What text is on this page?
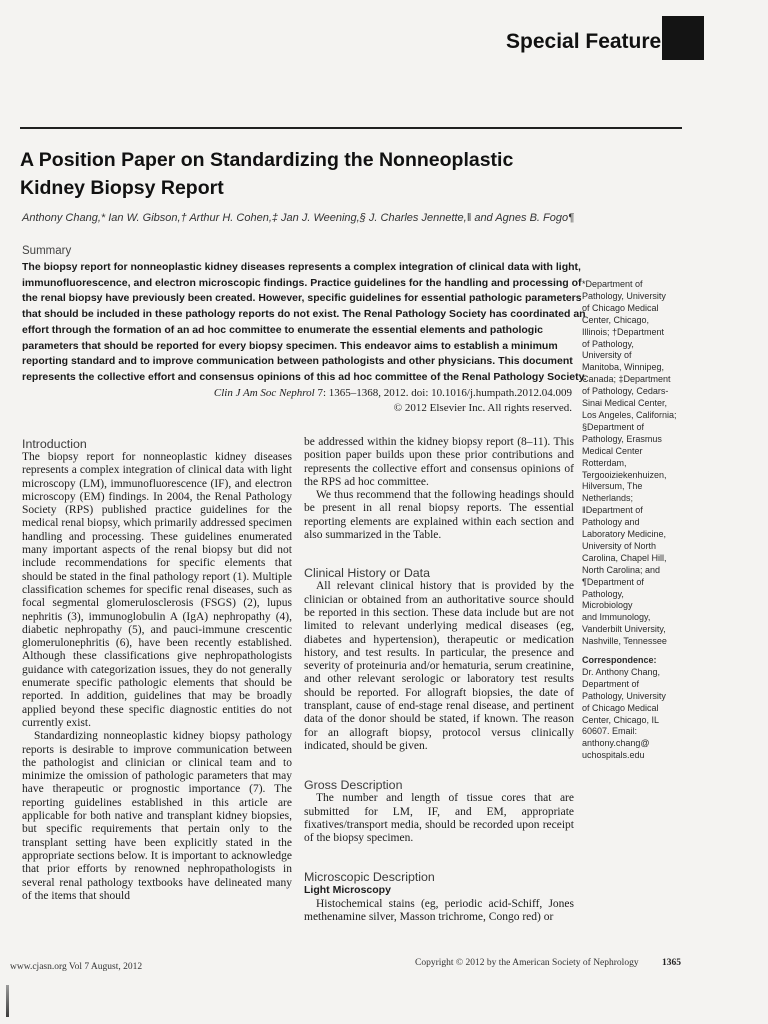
Special Feature
A Position Paper on Standardizing the Nonneoplastic
Kidney Biopsy Report
Anthony Chang,* Ian W. Gibson,† Arthur H. Cohen,‡ Jan J. Weening,§ J. Charles Jennette,‖ and Agnes B. Fogo¶
Summary
The biopsy report for nonneoplastic kidney diseases represents a complex integration of clinical data with light,
immunofluorescence, and electron microscopic findings. Practice guidelines for the handling and processing of
the renal biopsy have previously been created. However, specific guidelines for essential pathologic parameters
that should be included in these pathology reports do not exist. The Renal Pathology Society has coordinated an
effort through the formation of an ad hoc committee to enumerate the essential elements and pathologic
parameters that should be reported for every biopsy specimen. This endeavor aims to establish a minimum
reporting standard and to improve communication between pathologists and other physicians. This document
represents the collective effort and consensus opinions of this ad hoc committee of the Renal Pathology Society.
Clin J Am Soc Nephrol 7: 1365–1368, 2012. doi: 10.1016/j.humpath.2012.04.009
© 2012 Elsevier Inc. All rights reserved.
*Department of
Pathology, University
of Chicago Medical
Center, Chicago,
Illinois; †Department
of Pathology,
University of
Manitoba, Winnipeg,
Canada; ‡Department
of Pathology, Cedars-
Sinai Medical Center,
Los Angeles, California;
§Department of
Pathology, Erasmus
Medical Center
Rotterdam,
Tergooiziekenhuizen,
Hilversum, The
Netherlands;
‖Department of
Pathology and
Laboratory Medicine,
University of North
Carolina, Chapel Hill,
North Carolina; and
¶Department of
Pathology,
Microbiology
and Immunology,
Vanderbilt University,
Nashville, Tennessee
Correspondence:
Dr. Anthony Chang,
Department of
Pathology, University
of Chicago Medical
Center, Chicago, IL
60607. Email:
anthony.chang@
uchospitals.edu
Introduction

The biopsy report for nonneoplastic kidney diseases represents a complex integration of clinical data with light microscopy (LM), immunofluorescence (IF), and electron microscopy (EM) findings. In 2004, the Renal Pathology Society (RPS) published practice guidelines for the medical renal biopsy, which primarily addressed specimen handling and processing. These guidelines enumerated many important aspects of the renal biopsy but did not include recommendations for specific elements that should be stated in the final pathology report (1). Multiple classification schemes for specific renal diseases, such as focal segmental glomerulosclerosis (FSGS) (2), lupus nephritis (3), immunoglobulin A (IgA) nephropathy (4), diabetic nephropathy (5), and pauci-immune crescentic glomerulonephritis (6), have been recently established. Although these classifications give nephropathologists guidance with categorization issues, they do not generally enumerate specific pathologic elements that should be reported. In addition, guidelines that may be broadly applied beyond these specific diagnostic entities do not currently exist.

Standardizing nonneoplastic kidney biopsy pathology reports is desirable to improve communication between the pathologist and clinician or clinical team and to minimize the omission of pathologic parameters that may have therapeutic or prognostic importance (7). The reporting guidelines established in this article are applicable for both native and transplant kidney biopsies, but specific requirements that pertain only to the transplant setting have been explicitly stated in the appropriate sections below. It is important to acknowledge that prior efforts by renowned nephropathologists in several renal pathology textbooks have delineated many of the items that should

be addressed within the kidney biopsy report (8–11). This position paper builds upon these prior contributions and represents the collective effort and consensus opinions of the RPS ad hoc committee.

We thus recommend that the following headings should be present in all renal biopsy reports. The essential reporting elements are explained within each section and also summarized in the Table.

Clinical History or Data

All relevant clinical history that is provided by the clinician or obtained from an authoritative source should be reported in this section. These data include but are not limited to relevant underlying medical diseases (eg, diabetes and hypertension), therapeutic or medication history, and test results. In particular, the presence and severity of proteinuria and/or hematuria, serum creatinine, and other relevant serologic or laboratory test results should be reported. For allograft biopsies, the date of transplant, cause of end-stage renal disease, and pertinent data of the donor should be stated, if known. The reason for an allograft biopsy, protocol versus clinically indicated, should be given.

Gross Description

The number and length of tissue cores that are submitted for LM, IF, and EM, appropriate fixatives/transport media, should be recorded upon receipt of the biopsy specimen.

Microscopic Description
Light Microscopy

Histochemical stains (eg, periodic acid-Schiff, Jones methenamine silver, Masson trichrome, Congo red) or

www.cjasn.org Vol 7 August, 2012	Copyright © 2012 by the American Society of Nephrology 1365
